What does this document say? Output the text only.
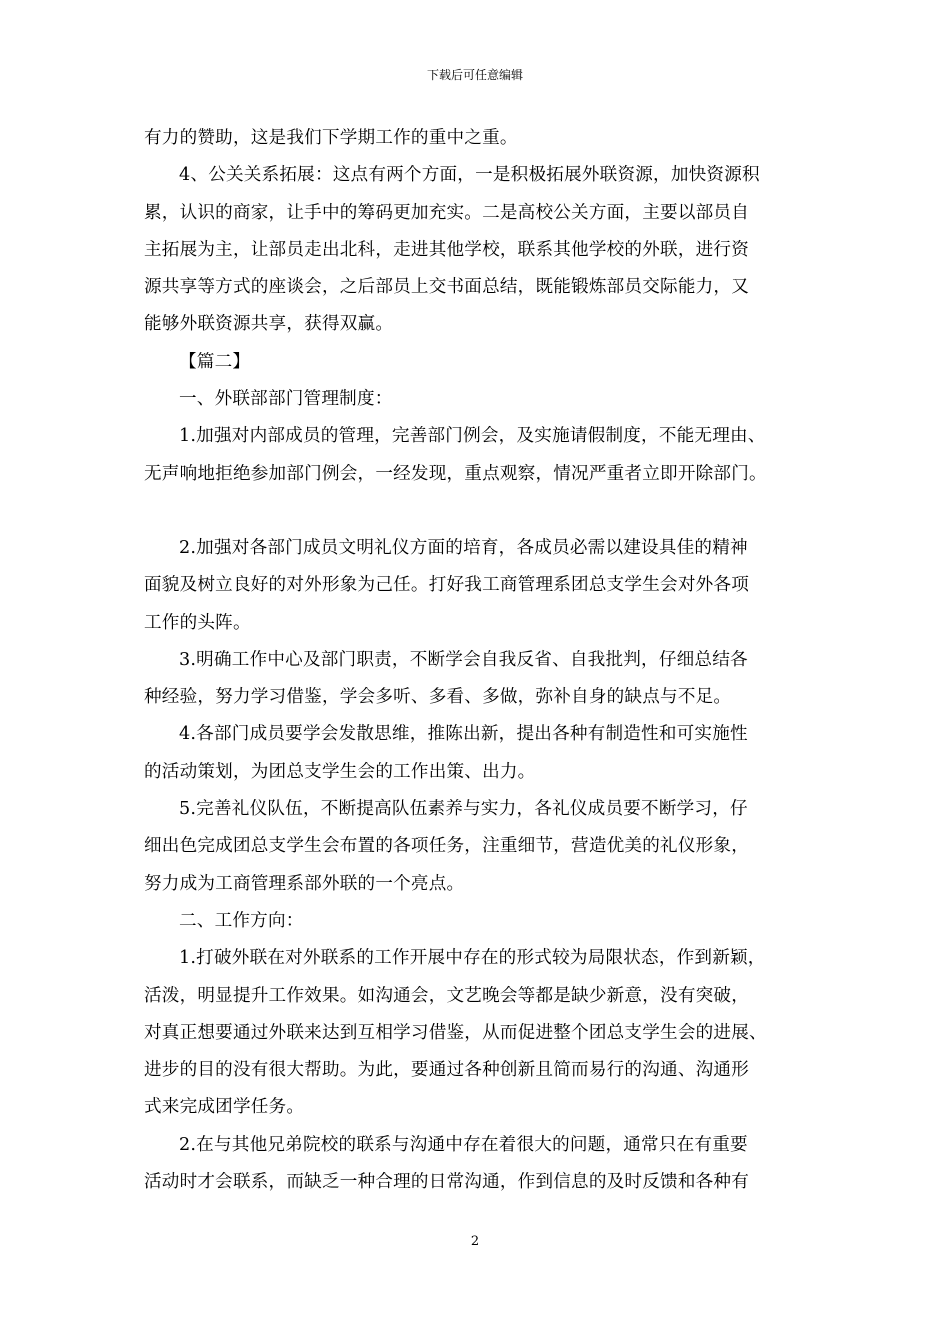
下载后可任意编辑
有力的赞助，这是我们下学期工作的重中之重。
4、公关关系拓展：这点有两个方面，一是积极拓展外联资源，加快资源积
累，认识的商家，让手中的筹码更加充实。二是高校公关方面，主要以部员自
主拓展为主，让部员走出北科，走进其他学校，联系其他学校的外联，进行资
源共享等方式的座谈会，之后部员上交书面总结，既能锻炼部员交际能力，又
能够外联资源共享，获得双赢。
【篇二】
一、外联部部门管理制度：
1.加强对内部成员的管理，完善部门例会，及实施请假制度，不能无理由、
无声响地拒绝参加部门例会，一经发现，重点观察，情况严重者立即开除部门。
2.加强对各部门成员文明礼仪方面的培育，各成员必需以建设具佳的精神
面貌及树立良好的对外形象为己任。打好我工商管理系团总支学生会对外各项
工作的头阵。
3.明确工作中心及部门职责，不断学会自我反省、自我批判，仔细总结各
种经验，努力学习借鉴，学会多听、多看、多做，弥补自身的缺点与不足。
4.各部门成员要学会发散思维，推陈出新，提出各种有制造性和可实施性
的活动策划，为团总支学生会的工作出策、出力。
5.完善礼仪队伍，不断提高队伍素养与实力，各礼仪成员要不断学习，仔
细出色完成团总支学生会布置的各项任务，注重细节，营造优美的礼仪形象，
努力成为工商管理系部外联的一个亮点。
二、工作方向：
1.打破外联在对外联系的工作开展中存在的形式较为局限状态，作到新颖，
活泼，明显提升工作效果。如沟通会，文艺晚会等都是缺少新意，没有突破，
对真正想要通过外联来达到互相学习借鉴，从而促进整个团总支学生会的进展、
进步的目的没有很大帮助。为此，要通过各种创新且简而易行的沟通、沟通形
式来完成团学任务。
2.在与其他兄弟院校的联系与沟通中存在着很大的问题，通常只在有重要
活动时才会联系，而缺乏一种合理的日常沟通，作到信息的及时反馈和各种有
2
